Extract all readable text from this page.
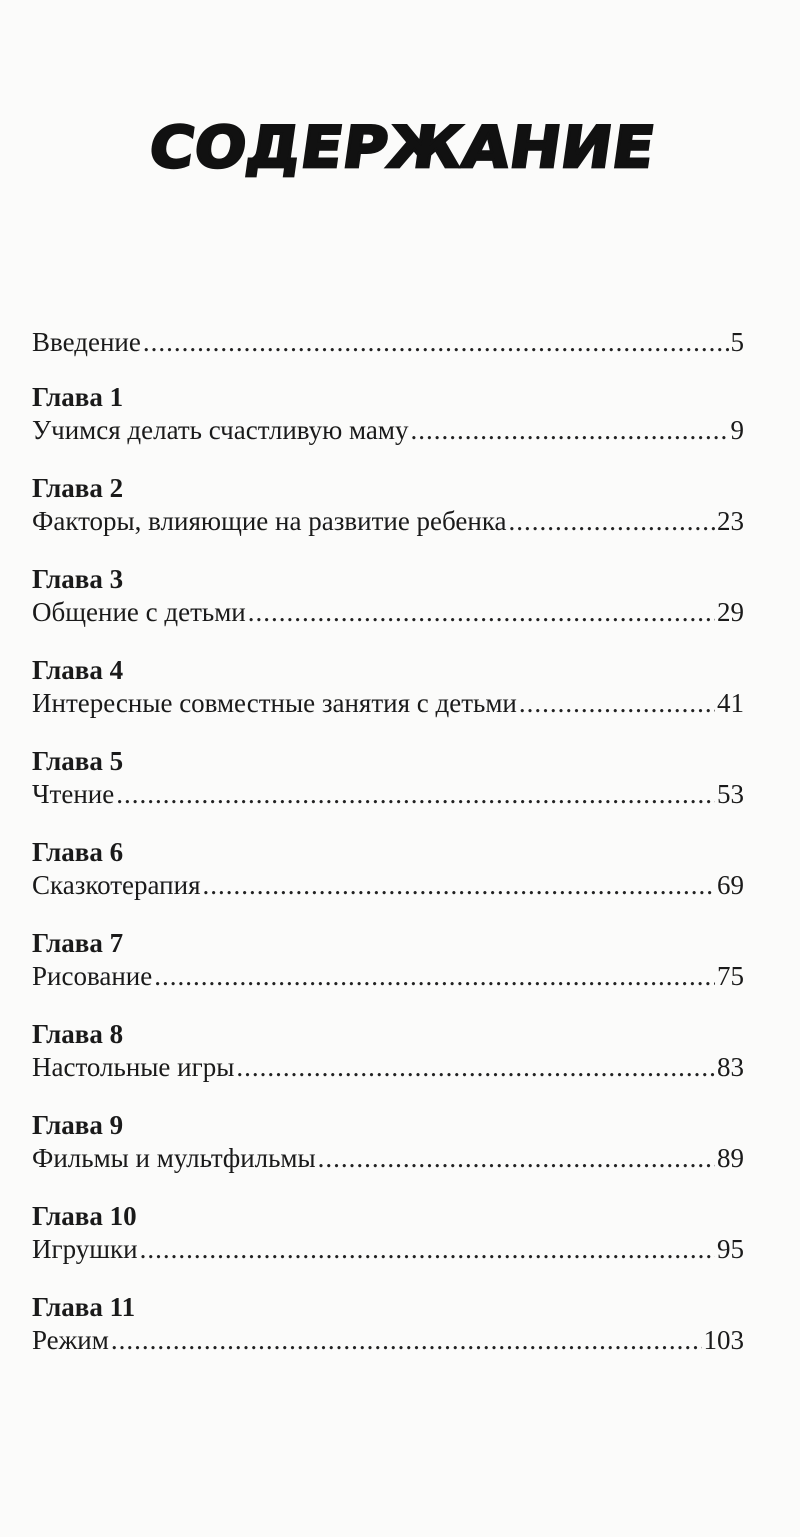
СОДЕРЖАНИЕ
Введение .....	5
Глава 1
Учимся делать счастливую маму .....	9
Глава 2
Факторы, влияющие на развитие ребенка .....	23
Глава 3
Общение с детьми .....	29
Глава 4
Интересные совместные занятия с детьми .....	41
Глава 5
Чтение .....	53
Глава 6
Сказкотерапия .....	69
Глава 7
Рисование .....	75
Глава 8
Настольные игры .....	83
Глава 9
Фильмы и мультфильмы .....	89
Глава 10
Игрушки .....	95
Глава 11
Режим .....	103
